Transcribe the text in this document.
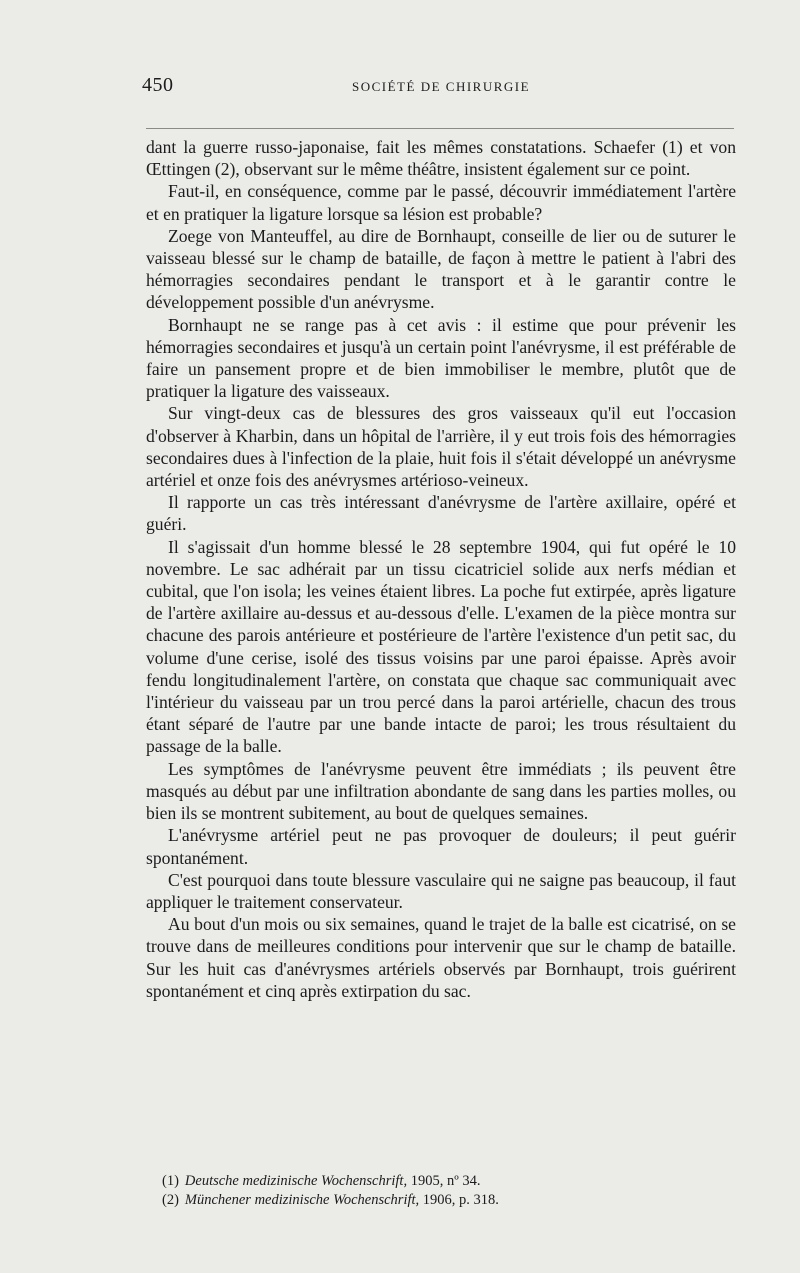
450	SOCIÉTÉ DE CHIRURGIE

dant la guerre russo-japonaise, fait les mêmes constatations. Schaefer (1) et von Œttingen (2), observant sur le même théâtre, insistent également sur ce point.

Faut-il, en conséquence, comme par le passé, découvrir immédiatement l'artère et en pratiquer la ligature lorsque sa lésion est probable?

Zoege von Manteuffel, au dire de Bornhaupt, conseille de lier ou de suturer le vaisseau blessé sur le champ de bataille, de façon à mettre le patient à l'abri des hémorragies secondaires pendant le transport et à le garantir contre le développement possible d'un anévrysme.

Bornhaupt ne se range pas à cet avis : il estime que pour prévenir les hémorragies secondaires et jusqu'à un certain point l'anévrysme, il est préférable de faire un pansement propre et de bien immobiliser le membre, plutôt que de pratiquer la ligature des vaisseaux.

Sur vingt-deux cas de blessures des gros vaisseaux qu'il eut l'occasion d'observer à Kharbin, dans un hôpital de l'arrière, il y eut trois fois des hémorragies secondaires dues à l'infection de la plaie, huit fois il s'était développé un anévrysme artériel et onze fois des anévrysmes artérioso-veineux.

Il rapporte un cas très intéressant d'anévrysme de l'artère axillaire, opéré et guéri.

Il s'agissait d'un homme blessé le 28 septembre 1904, qui fut opéré le 10 novembre. Le sac adhérait par un tissu cicatriciel solide aux nerfs médian et cubital, que l'on isola; les veines étaient libres. La poche fut extirpée, après ligature de l'artère axillaire au-dessus et au-dessous d'elle. L'examen de la pièce montra sur chacune des parois antérieure et postérieure de l'artère l'existence d'un petit sac, du volume d'une cerise, isolé des tissus voisins par une paroi épaisse. Après avoir fendu longitudinalement l'artère, on constata que chaque sac communiquait avec l'intérieur du vaisseau par un trou percé dans la paroi artérielle, chacun des trous étant séparé de l'autre par une bande intacte de paroi; les trous résultaient du passage de la balle.

Les symptômes de l'anévrysme peuvent être immédiats ; ils peuvent être masqués au début par une infiltration abondante de sang dans les parties molles, ou bien ils se montrent subitement, au bout de quelques semaines.

L'anévrysme artériel peut ne pas provoquer de douleurs; il peut guérir spontanément.

C'est pourquoi dans toute blessure vasculaire qui ne saigne pas beaucoup, il faut appliquer le traitement conservateur.

Au bout d'un mois ou six semaines, quand le trajet de la balle est cicatrisé, on se trouve dans de meilleures conditions pour intervenir que sur le champ de bataille. Sur les huit cas d'anévrysmes artériels observés par Bornhaupt, trois guérirent spontanément et cinq après extirpation du sac.

(1) Deutsche medizinische Wochenschrift, 1905, nº 34.

(2) Münchener medizinische Wochenschrift, 1906, p. 318.
